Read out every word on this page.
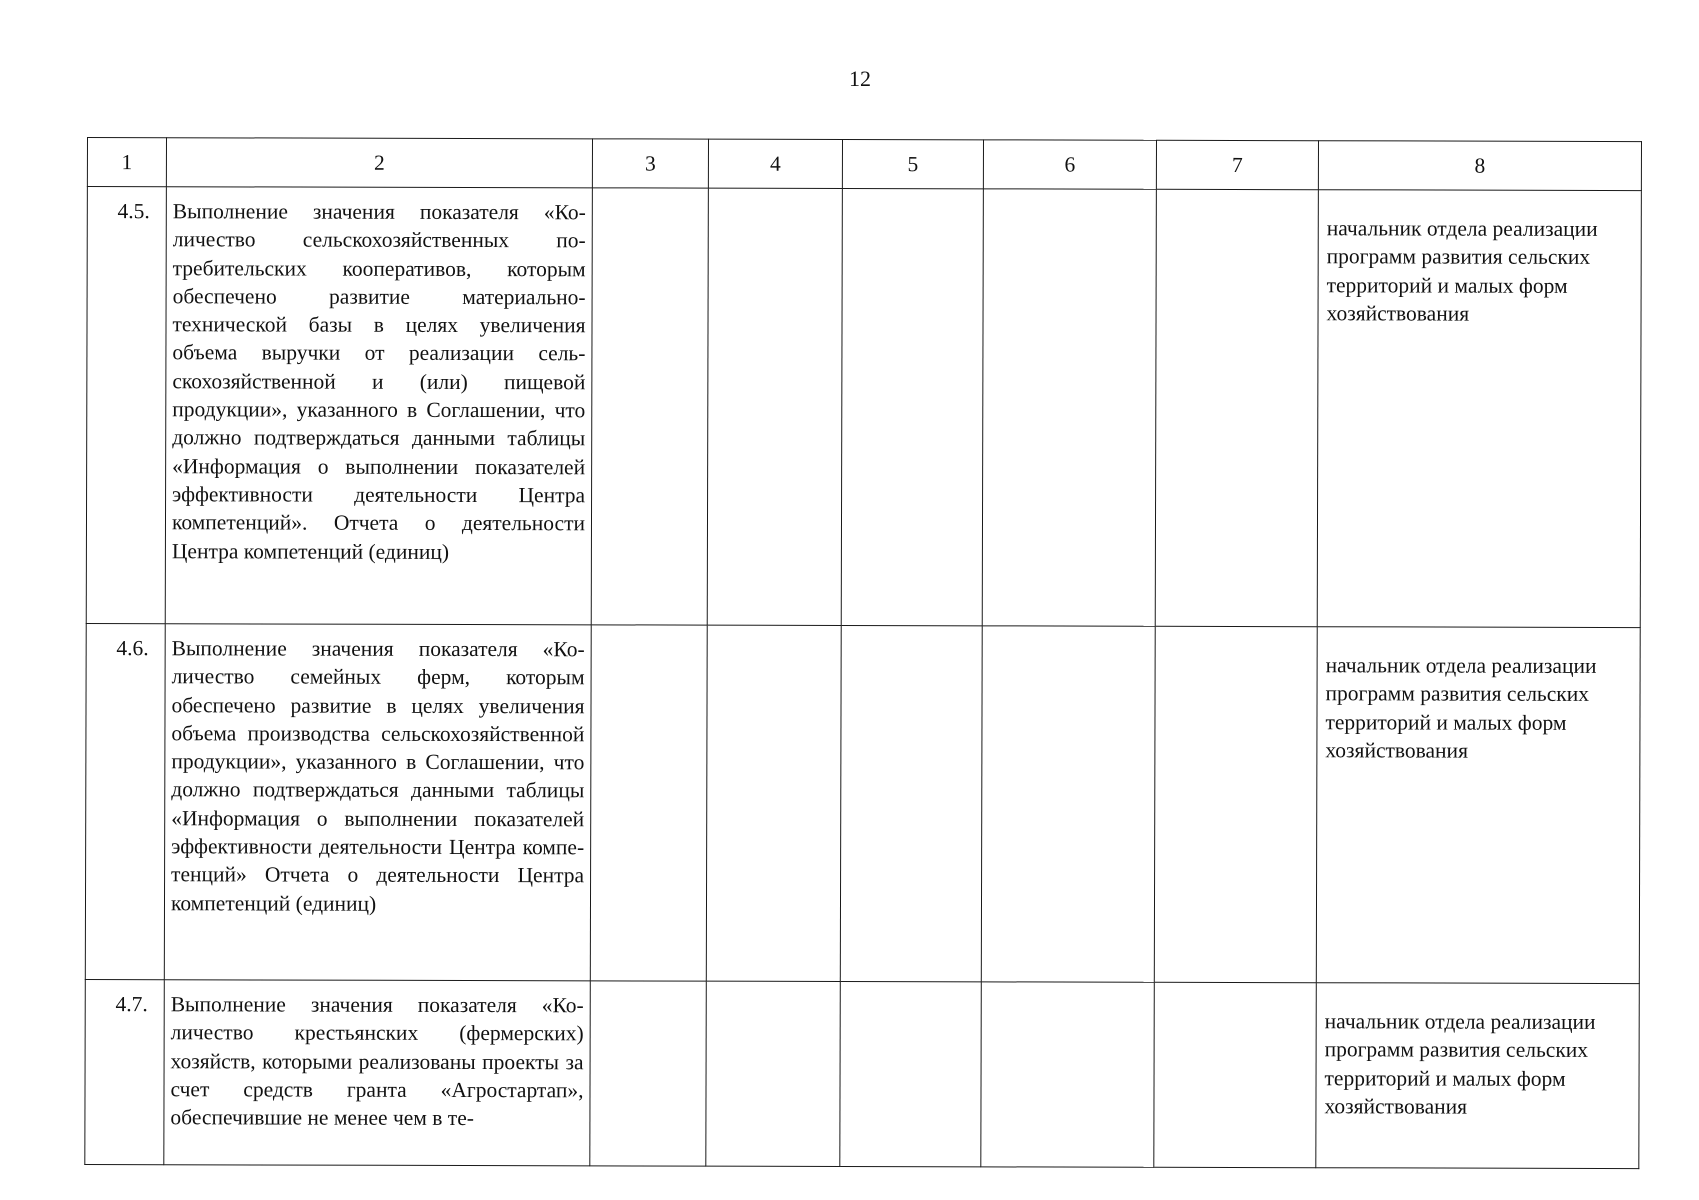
12
1	2	3	4	5	6	7	8
4.5.	Выполнение значения показателя «Количество сельскохозяйственных потребительских кооперативов, которым обеспечено развитие материально-технической базы в целях увеличения объема выручки от реализации сельскохозяйственной и (или) пищевой продукции», указанного в Соглашении, что должно подтверждаться данными таблицы «Информация о выполнении показателей эффективности деятельности Центра компетенций». Отчета о деятельности Центра компетенций (единиц)						начальник отдела реализации программ развития сельских территорий и малых форм хозяйствования
4.6.	Выполнение значения показателя «Количество семейных ферм, которым обеспечено развитие в целях увеличения объема производства сельскохозяйственной продукции», указанного в Соглашении, что должно подтверждаться данными таблицы «Информация о выполнении показателей эффективности деятельности Центра компетенций» Отчета о деятельности Центра компетенций (единиц)						начальник отдела реализации программ развития сельских территорий и малых форм хозяйствования
4.7.	Выполнение значения показателя «Количество крестьянских (фермерских) хозяйств, которыми реализованы проекты за счет средств гранта «Агростартап», обеспечившие не менее чем в те-						начальник отдела реализации программ развития сельских территорий и малых форм хозяйствования
